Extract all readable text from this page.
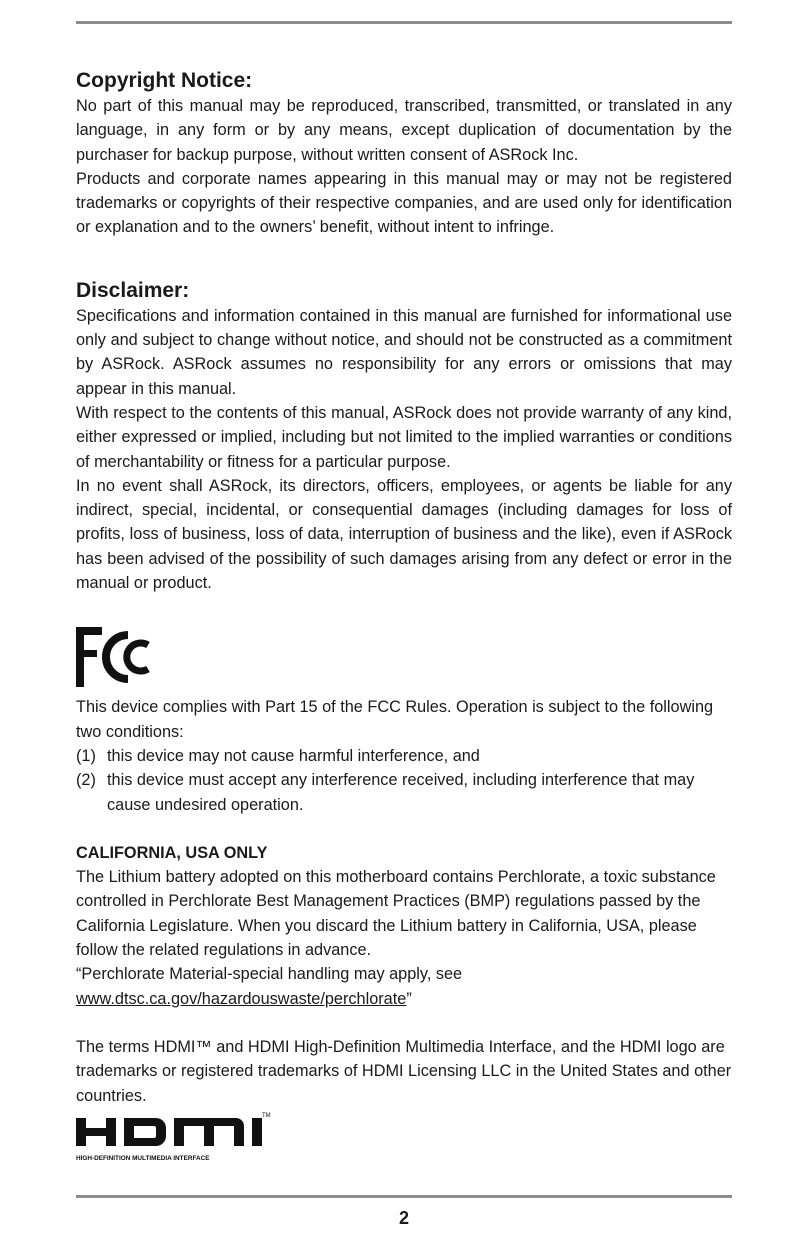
Copyright Notice:

No part of this manual may be reproduced, transcribed, transmitted, or translated in any language, in any form or by any means, except duplication of documentation by the purchaser for backup purpose, without written consent of ASRock Inc.

Products and corporate names appearing in this manual may or may not be registered trademarks or copyrights of their respective companies, and are used only for identification or explanation and to the owners’ benefit, without intent to infringe.

Disclaimer:

Specifications and information contained in this manual are furnished for informational use only and subject to change without notice, and should not be constructed as a commitment by ASRock. ASRock assumes no responsibility for any errors or omissions that may appear in this manual.

With respect to the contents of this manual, ASRock does not provide warranty of any kind, either expressed or implied, including but not limited to the implied warranties or conditions of merchantability or fitness for a particular purpose.

In no event shall ASRock, its directors, officers, employees, or agents be liable for any indirect, special, incidental, or consequential damages (including damages for loss of profits, loss of business, loss of data, interruption of business and the like), even if ASRock has been advised of the possibility of such damages arising from any defect or error in the manual or product.

This device complies with Part 15 of the FCC Rules. Operation is subject to the following two conditions:

(1) this device may not cause harmful interference, and
(2) this device must accept any interference received, including interference that may cause undesired operation.
CALIFORNIA, USA ONLY

The Lithium battery adopted on this motherboard contains Perchlorate, a toxic substance controlled in Perchlorate Best Management Practices (BMP) regulations passed by the California Legislature. When you discard the Lithium battery in California, USA, please follow the related regulations in advance.

“Perchlorate Material-special handling may apply, see
www.dtsc.ca.gov/hazardouswaste/perchlorate”

The terms HDMI™ and HDMI High-Definition Multimedia Interface, and the HDMI logo are trademarks or registered trademarks of HDMI Licensing LLC in the United States and other countries.

TM
HIGH-DEFINITION MULTIMEDIA INTERFACE
2
